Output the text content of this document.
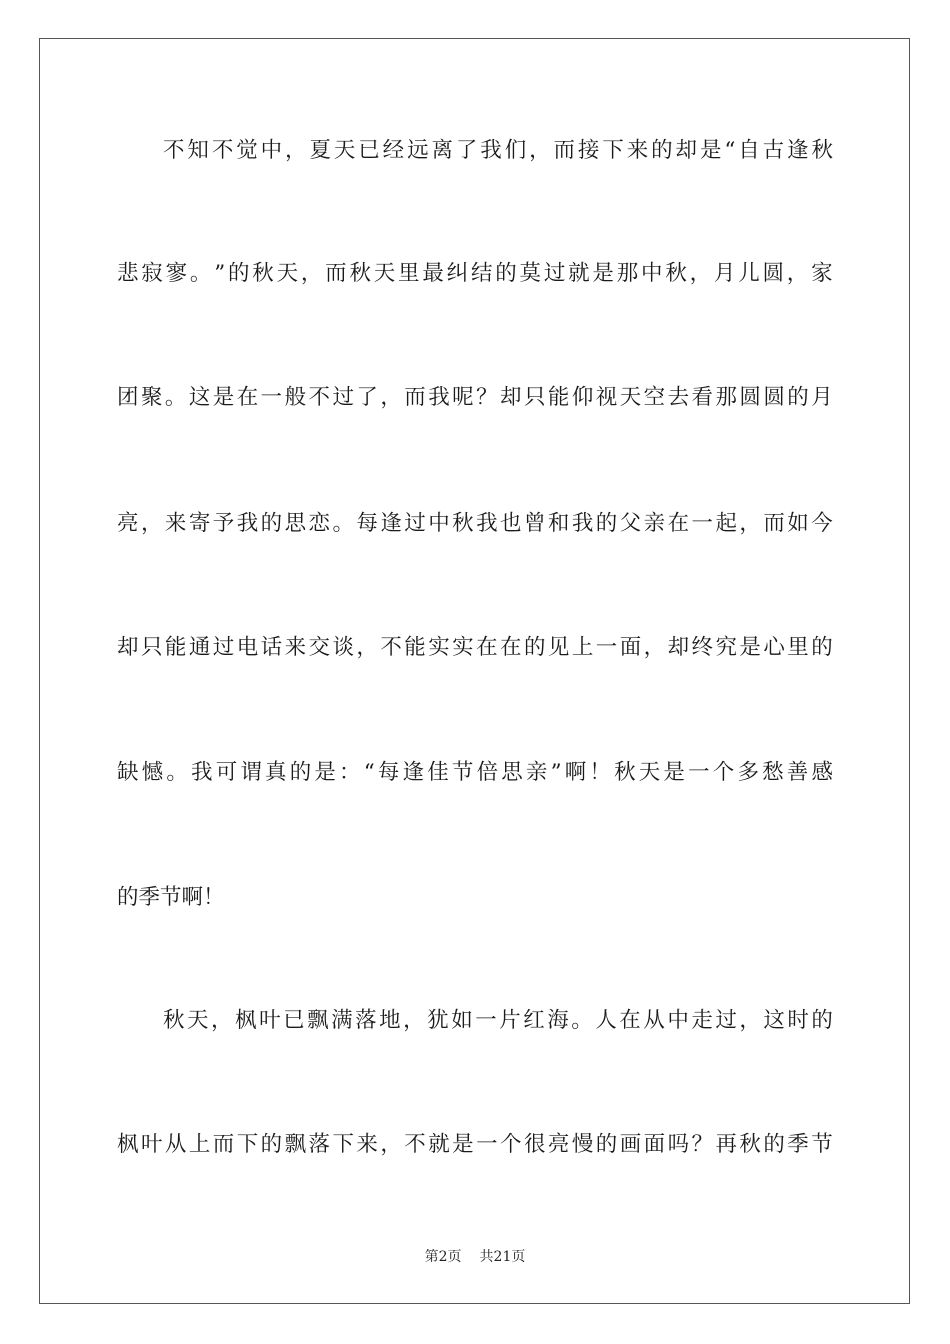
不 知 不 觉 中 ， 夏 天 已 经 远 离 了 我 们 ， 而 接 下 来 的 却 是 “ 自 古 逢 秋
悲 寂 寥 。 ” 的 秋 天 ， 而 秋 天 里 最 纠 结 的 莫 过 就 是 那 中 秋 ， 月 儿 圆 ， 家
团 聚 。 这 是 在 一 般 不 过 了 ， 而 我 呢 ？ 却 只 能 仰 视 天 空 去 看 那 圆 圆 的 月
亮 ， 来 寄 予 我 的 思 恋 。 每 逢 过 中 秋 我 也 曾 和 我 的 父 亲 在 一 起 ， 而 如 今
却 只 能 通 过 电 话 来 交 谈 ， 不 能 实 实 在 在 的 见 上 一 面 ， 却 终 究 是 心 里 的
缺 憾 。 我 可 谓 真 的 是 ： “ 每 逢 佳 节 倍 思 亲 ” 啊 ！ 秋 天 是 一 个 多 愁 善 感
的季节啊！
秋 天 ， 枫 叶 已 飘 满 落 地 ， 犹 如 一 片 红 海 。 人 在 从 中 走 过 ， 这 时 的
枫 叶 从 上 而 下 的 飘 落 下 来 ， 不 就 是 一 个 很 亮 慢 的 画 面 吗 ？ 再 秋 的 季 节
第2页 共21页
